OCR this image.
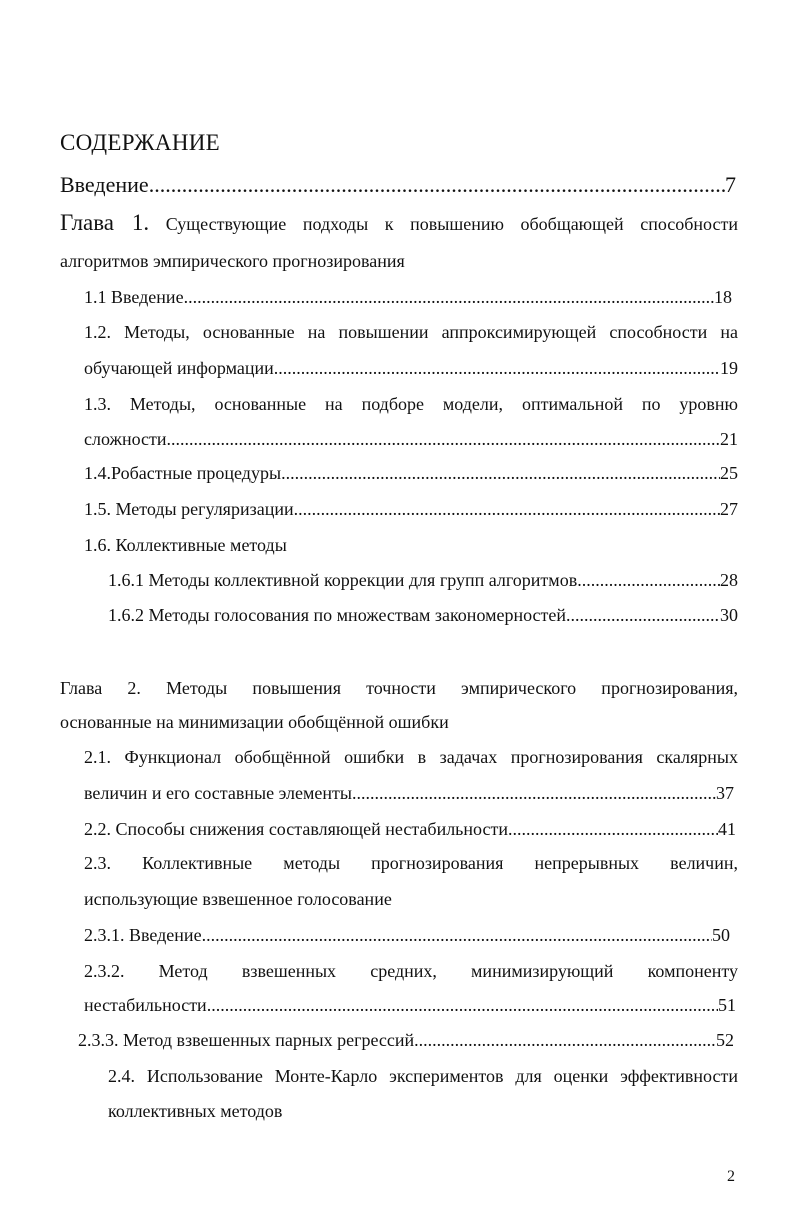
СОДЕРЖАНИЕ
Введение .....	7
Глава 1. Существующие подходы к повышению обобщающей способности
алгоритмов эмпирического прогнозирования
1.1 Введение .....	18
1.2. Методы, основанные на повышении аппроксимирующей способности на
обучающей информации .....	19
1.3. Методы, основанные на подборе модели, оптимальной по уровню
сложности .....	21
1.4.Робастные процедуры .....	25
1.5. Методы регуляризации .....	27
1.6. Коллективные методы
1.6.1 Методы коллективной коррекции для групп алгоритмов .....	28
1.6.2 Методы голосования по множествам закономерностей .....	30
Глава 2. Методы повышения точности эмпирического прогнозирования,
основанные на минимизации обобщённой ошибки
2.1. Функционал обобщённой ошибки в задачах прогнозирования скалярных
величин и его составные элементы .....	37
2.2. Способы снижения составляющей нестабильности .....	41
2.3. Коллективные методы прогнозирования непрерывных величин,
использующие взвешенное голосование
2.3.1. Введение .....	50
2.3.2. Метод взвешенных средних, минимизирующий компоненту
нестабильности .....	51
2.3.3. Метод взвешенных парных регрессий .....	52
2.4. Использование Монте-Карло экспериментов для оценки эффективности
коллективных методов
2
